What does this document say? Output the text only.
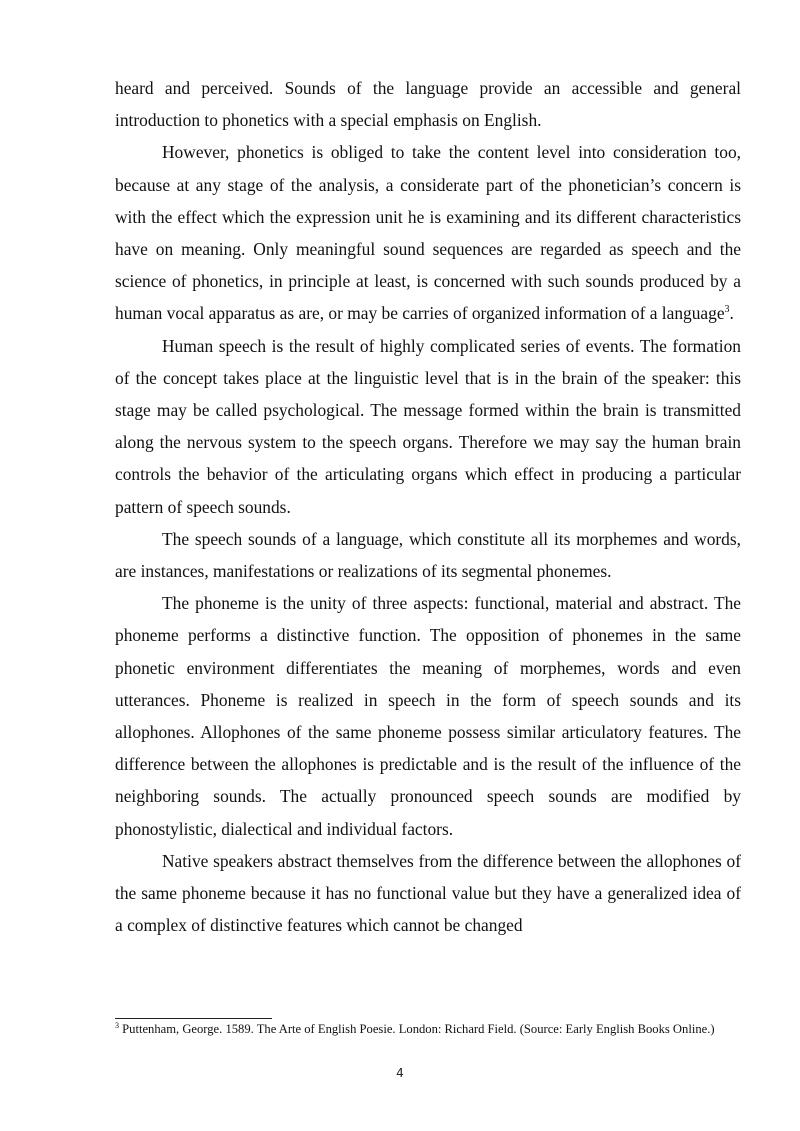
heard and perceived. Sounds of the language provide an accessible and general introduction to phonetics with a special emphasis on English.

However, phonetics is obliged to take the content level into consideration too, because at any stage of the analysis, a considerate part of the phonetician’s concern is with the effect which the expression unit he is examining and its different characteristics have on meaning. Only meaningful sound sequences are regarded as speech and the science of phonetics, in principle at least, is concerned with such sounds produced by a human vocal apparatus as are, or may be carries of organized information of a language$^3$.

Human speech is the result of highly complicated series of events. The formation of the concept takes place at the linguistic level that is in the brain of the speaker: this stage may be called psychological. The message formed within the brain is transmitted along the nervous system to the speech organs. Therefore we may say the human brain controls the behavior of the articulating organs which effect in producing a particular pattern of speech sounds.

The speech sounds of a language, which constitute all its morphemes and words, are instances, manifestations or realizations of its segmental phonemes.

The phoneme is the unity of three aspects: functional, material and abstract. The phoneme performs a distinctive function. The opposition of phonemes in the same phonetic environment differentiates the meaning of morphemes, words and even utterances. Phoneme is realized in speech in the form of speech sounds and its allophones. Allophones of the same phoneme possess similar articulatory features. The difference between the allophones is predictable and is the result of the influence of the neighboring sounds. The actually pronounced speech sounds are modified by phonostylistic, dialectical and individual factors.

Native speakers abstract themselves from the difference between the allophones of the same phoneme because it has no functional value but they have a generalized idea of a complex of distinctive features which cannot be changed

$^3$ Puttenham, George. 1589. The Arte of English Poesie. London: Richard Field. (Source: Early English Books Online.)
4
